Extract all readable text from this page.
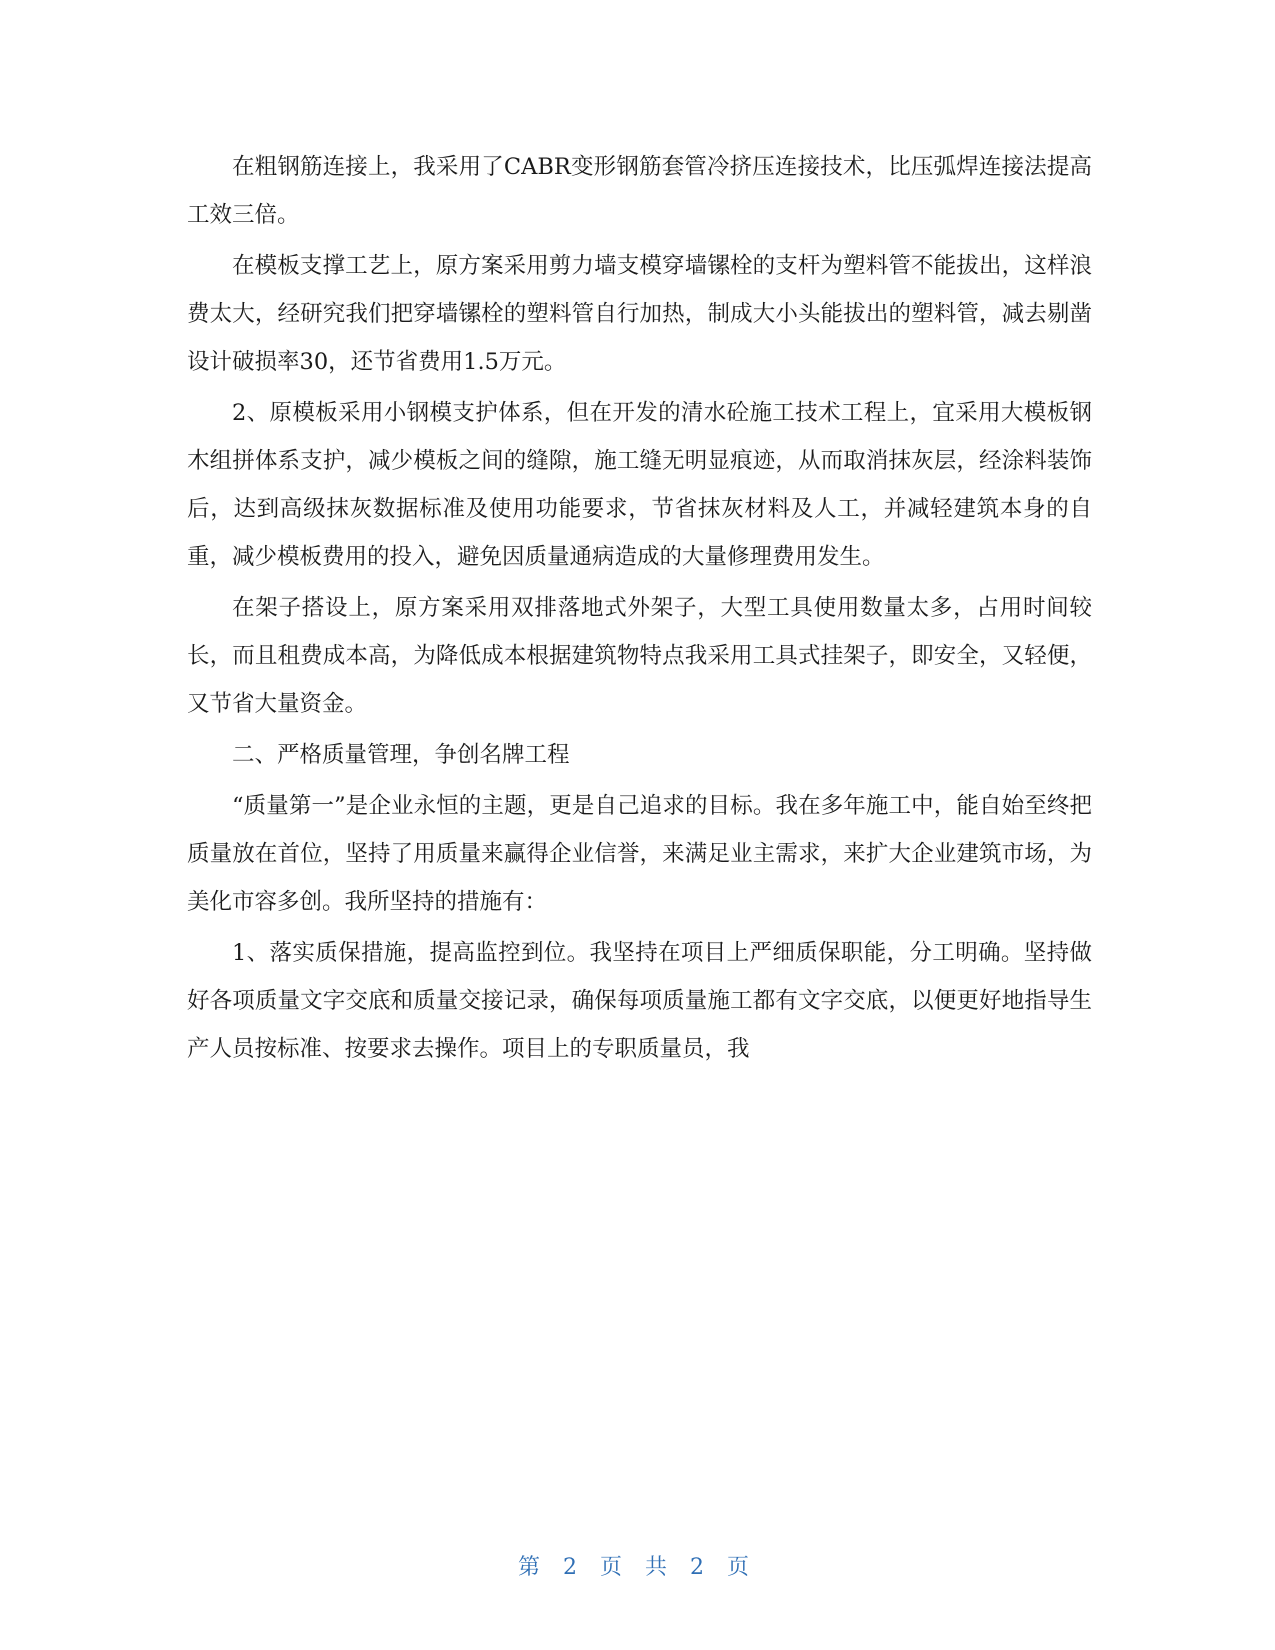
在粗钢筋连接上，我采用了CABR变形钢筋套管冷挤压连接技术，比压弧焊连接法提高工效三倍。

在模板支撑工艺上，原方案采用剪力墙支模穿墙镙栓的支杆为塑料管不能拔出，这样浪费太大，经研究我们把穿墙镙栓的塑料管自行加热，制成大小头能拔出的塑料管，减去剔凿设计破损率30，还节省费用1.5万元。

2、原模板采用小钢模支护体系，但在开发的清水砼施工技术工程上，宜采用大模板钢木组拼体系支护，减少模板之间的缝隙，施工缝无明显痕迹，从而取消抹灰层，经涂料装饰后，达到高级抹灰数据标准及使用功能要求，节省抹灰材料及人工，并减轻建筑本身的自重，减少模板费用的投入，避免因质量通病造成的大量修理费用发生。

在架子搭设上，原方案采用双排落地式外架子，大型工具使用数量太多，占用时间较长，而且租费成本高，为降低成本根据建筑物特点我采用工具式挂架子，即安全，又轻便，又节省大量资金。

二、严格质量管理，争创名牌工程

“质量第一”是企业永恒的主题，更是自己追求的目标。我在多年施工中，能自始至终把质量放在首位，坚持了用质量来赢得企业信誉，来满足业主需求，来扩大企业建筑市场，为美化市容多创。我所坚持的措施有：

1、落实质保措施，提高监控到位。我坚持在项目上严细质保职能，分工明确。坚持做好各项质量文字交底和质量交接记录，确保每项质量施工都有文字交底，以便更好地指导生产人员按标准、按要求去操作。项目上的专职质量员，我

第 2 页 共 2 页
